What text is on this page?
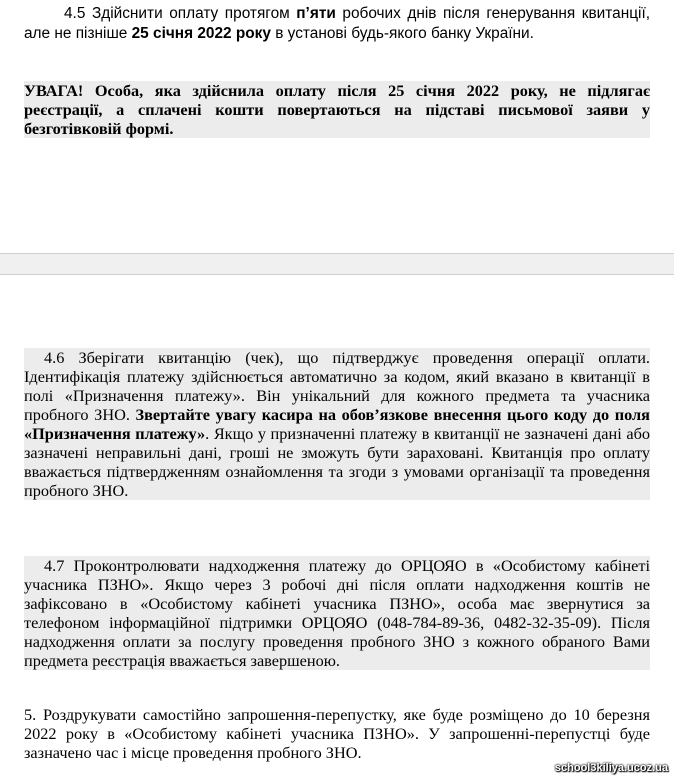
4.5 Здійснити оплату протягом п’яти робочих днів після генерування квитанції, але не пізніше 25 січня 2022 року в установі будь-якого банку України.

УВАГА! Особа, яка здійснила оплату після 25 січня 2022 року, не підлягає реєстрації, а сплачені кошти повертаються на підставі письмової заяви у безготівковій формі.

4.6 Зберігати квитанцію (чек), що підтверджує проведення операції оплати. Ідентифікація платежу здійснюється автоматично за кодом, який вказано в квитанції в полі «Призначення платежу». Він унікальний для кожного предмета та учасника пробного ЗНО. Звертайте увагу касира на обов’язкове внесення цього коду до поля «Призначення платежу». Якщо у призначенні платежу в квитанції не зазначені дані або зазначені неправильні дані, гроші не зможуть бути зараховані. Квитанція про оплату вважається підтвердженням ознайомлення та згоди з умовами організації та проведення пробного ЗНО.

4.7 Проконтролювати надходження платежу до ОРЦОЯО в «Особистому кабінеті учасника ПЗНО». Якщо через 3 робочі дні після оплати надходження коштів не зафіксовано в «Особистому кабінеті учасника ПЗНО», особа має звернутися за телефоном інформаційної підтримки ОРЦОЯО (048-784-89-36, 0482-32-35-09). Після надходження оплати за послугу проведення пробного ЗНО з кожного обраного Вами предмета реєстрація вважається завершеною.

5. Роздрукувати самостійно запрошення-перепустку, яке буде розміщено до 10 березня 2022 року в «Особистому кабінеті учасника ПЗНО». У запрошенні-перепустці буде зазначено час і місце проведення пробного ЗНО.

school3kiliya.ucoz.ua
